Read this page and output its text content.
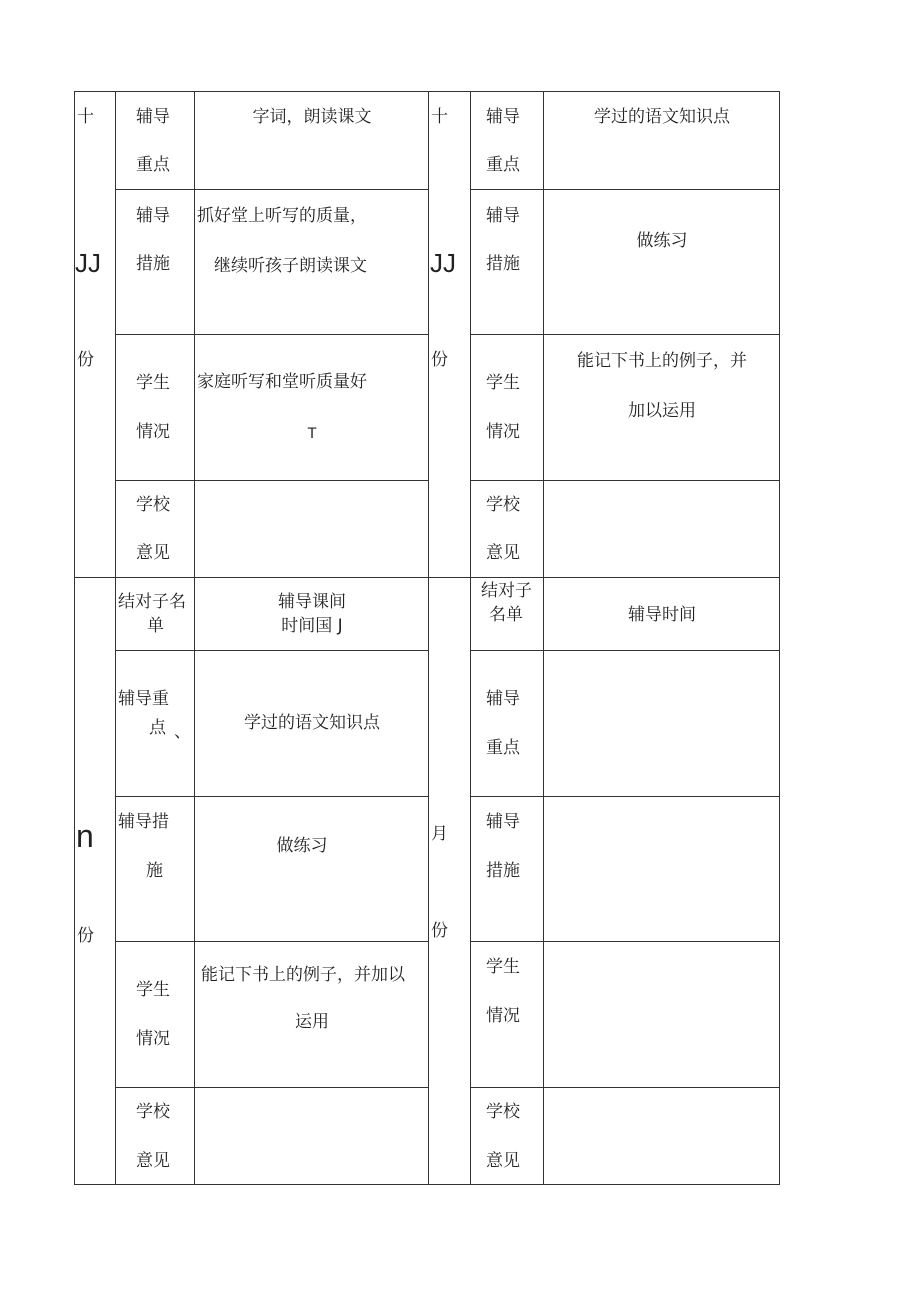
十
JJ
份
辅导
重点
字词，朗读课文
辅导
措施
抓好堂上听写的质量，
继续听孩子朗读课文
学生
情况
家庭听写和堂听质量好
T
学校
意见
十
JJ
份
辅导
重点
学过的语文知识点
辅导
措施
做练习
学生
情况
能记下书上的例子，并
加以运用
学校
意见
n
份
结对子名
单
辅导课间
时间国 J
辅导重
点 、	学过的语文知识点
辅导措
施
做练习
学生
情况
能记下书上的例子，并加以
运用
学校
意见
月
份
结对子
名单	辅导时间
辅导
重点
辅导
措施
学生
情况
学校
意见
